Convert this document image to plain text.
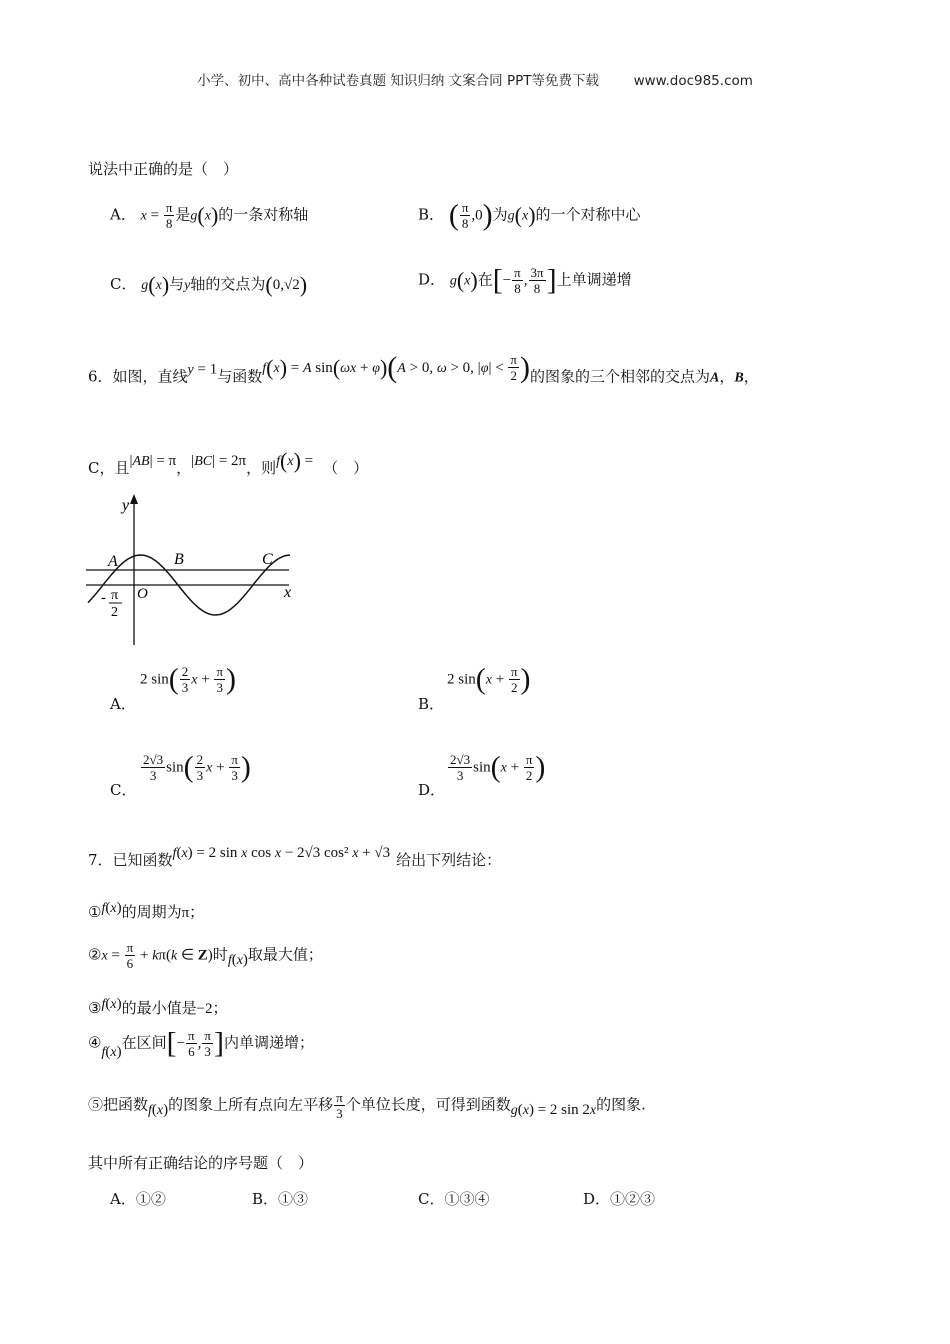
小学、初中、高中各种试卷真题 知识归纳 文案合同 PPT等免费下载	www.doc985.com
说法中正确的是（　）
A． $x = \frac{\pi}{8}$ 是g(x)的一条对称轴	B． ( $\frac{\pi}{8} ,0$)为g(x)的一个对称中心
C． g(x)与y轴的交点为(0,√2)	D． g(x)在[− $\frac{\pi}{8}$ , $\frac{3\pi}{8}$ ]上单调递增
6．如图，直线y = 1与函数f(x) = A sin(ωx + φ)(A > 0, ω > 0, $|\varphi| < \frac{\pi}{2}$ )的图象的三个相邻的交点为A，B，
C，且|AB| = π，|BC| = 2π，则f(x) = （　）
y
x
O
A	B	C
- π
2
A．
2 $\sin( \frac{2}{3}$ $x + \frac{\pi}{3}$ )
B．
2 $\sin(x + \frac{\pi}{2}$ )
C．
$\frac{2√3}{3} \sin( \frac{2}{3}$ $x + \frac{\pi}{3}$ )
D．
$\frac{2√3}{3} \sin(x + \frac{\pi}{2}$ )
7．已知函数f(x) = 2 sin x cos x − 2√3 cos² x + √3 给出下列结论：
①f(x)的周期为π；
②x = $\frac{\pi}{6} + k\pi(k$ ∈ Z)时f(x)取最大值；
③f(x)的最小值是−2；
④f(x)在区间[− $\frac{\pi}{6}$ , $\frac{\pi}{3}$ ]内单调递增；
⑤把函数f(x)的图象上所有点向左平移 $\frac{\pi}{3}$ 个单位长度，可得到函数g(x) = 2 sin 2x的图象.
其中所有正确结论的序号题（　）
A．①②	B．①③	C．①③④	D．①②③
